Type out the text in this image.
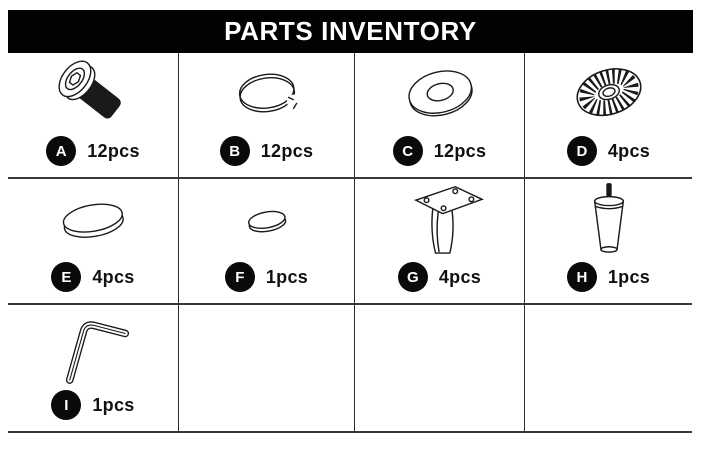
PARTS INVENTORY
A	12pcs	B	12pcs	C	12pcs	D	4pcs
E	4pcs	F	1pcs	G	4pcs	H	1pcs
I	1pcs
